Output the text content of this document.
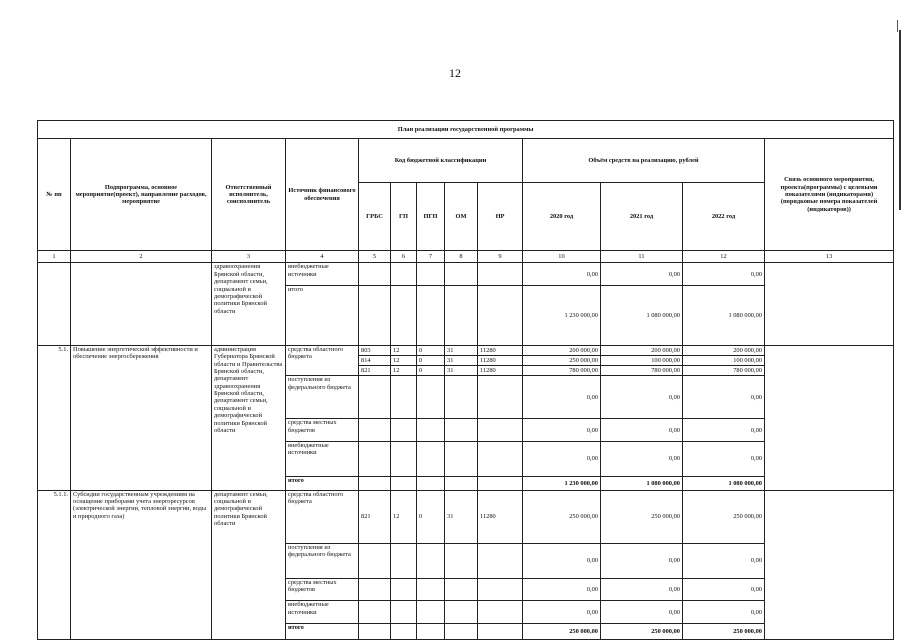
12
План реализации государственной программы												
№ пп	Подпрограмма, основное мероприятие(проект), направление расходов, мероприятие	Ответственный исполнитель, соисполнитель	Источник финансового обеспечения	Код бюджетной классификации					Объём средств на реализацию, рублей			Связь основного мероприятия, проекта(программы) с целевыми показателями (индикаторами) (порядковые номера показателей (индикаторов))
				ГРБС	ГП	ПГП	ОМ	НР	2020 год	2021 год	2022 год	
1	2	3	4	5	6	7	8	9	10	11	12	13
		здравоохранения Брянской области, департамент семьи, социальной и демографической политики Брянской области	внебюджетные источники						0,00	0,00	0,00	
			итого						1 230 000,00	1 080 000,00	1 080 000,00	
5.1.	Повышение энергетической эффективности и обеспечение энергосбережения	администрация Губернатора Брянской области и Правительства Брянской области, департамент здравоохранения Брянской области, департамент семьи, социальной и демографической политики Брянской области	средства областного бюджета	803	12	0	31	11280	200 000,00	200 000,00	200 000,00	
				814	12	0	31	11280	250 000,00	100 000,00	100 000,00	
				821	12	0	31	11280	780 000,00	780 000,00	780 000,00	
			поступления из федерального бюджета						0,00	0,00	0,00	
			средства местных бюджетов						0,00	0,00	0,00	
			внебюджетные источники						0,00	0,00	0,00	
			итого						1 230 000,00	1 080 000,00	1 080 000,00	
5.1.1.	Субсидии государственным учреждениям на оснащение приборами учета энергоресурсов (электрической энергии, тепловой энергии, воды и природного газа)	департамент семьи, социальной и демографической политики Брянской области	средства областного бюджета	821	12	0	31	11280	250 000,00	250 000,00	250 000,00	
			поступления из федерального бюджета						0,00	0,00	0,00	
			средства местных бюджетов						0,00	0,00	0,00	
			внебюджетные источники						0,00	0,00	0,00	
			итого						250 000,00	250 000,00	250 000,00	
